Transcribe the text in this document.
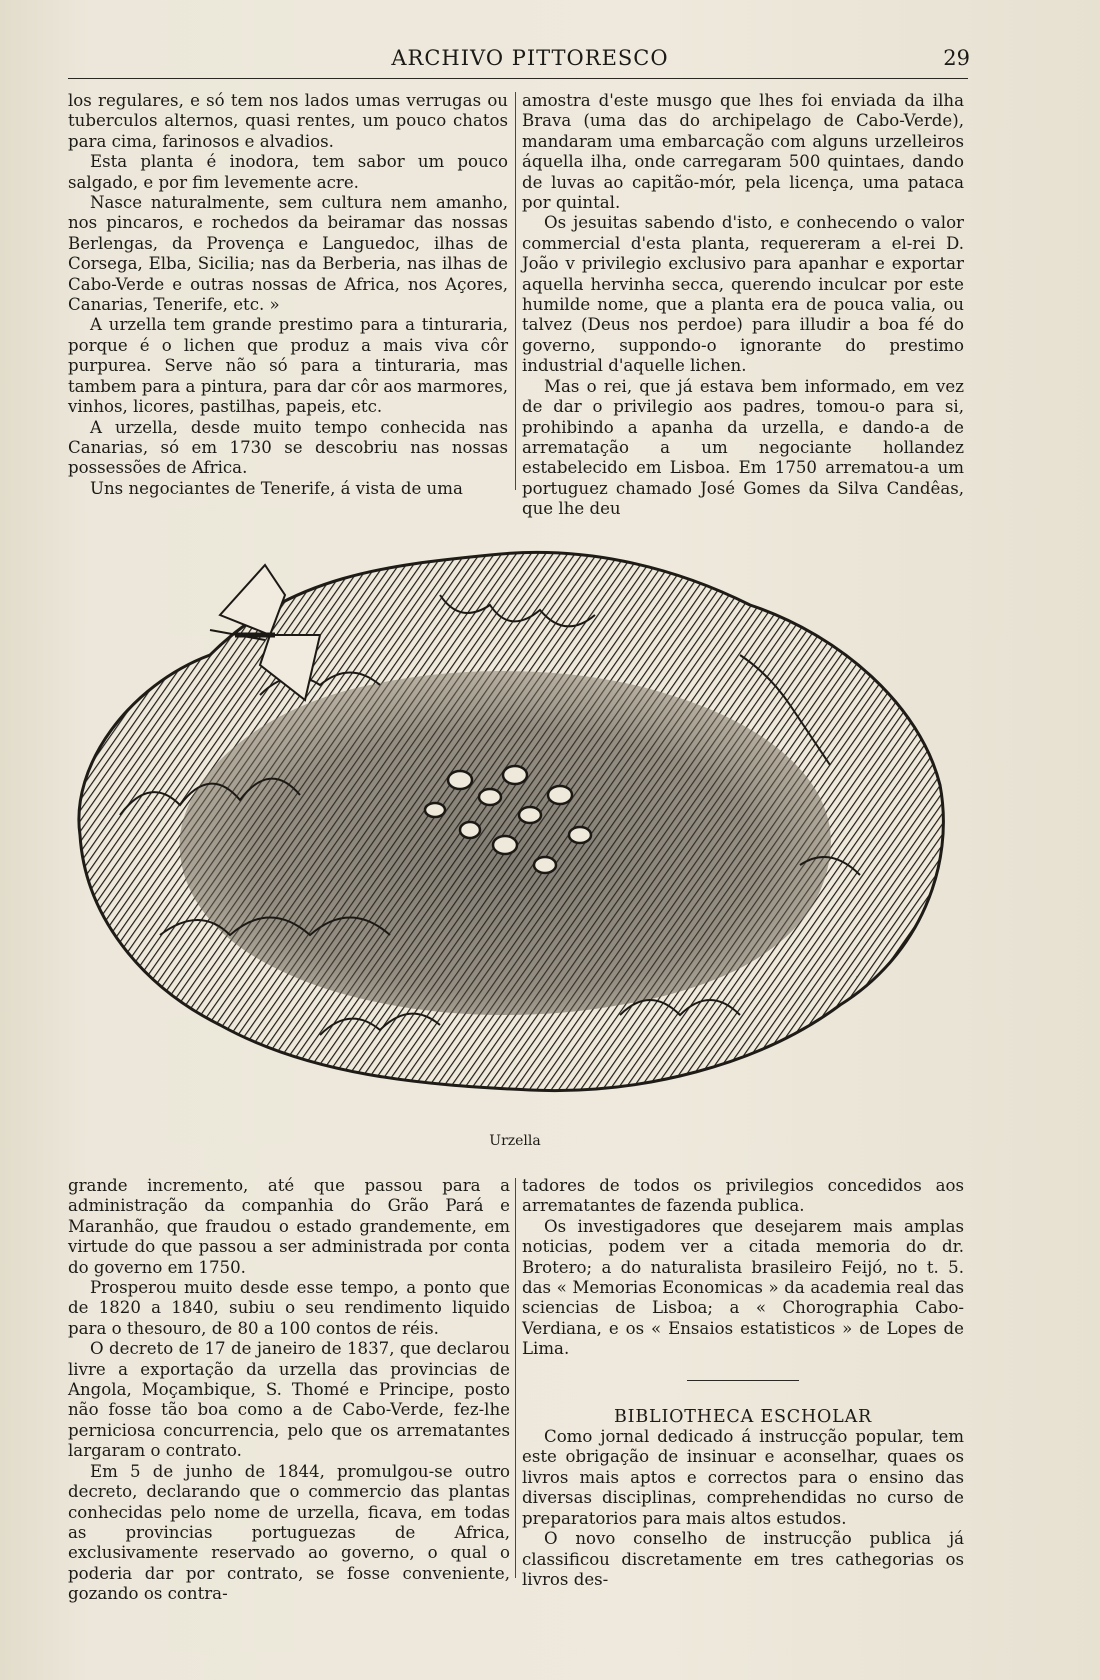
ARCHIVO PITTORESCO	29

los regulares, e só tem nos lados umas verrugas ou tuberculos alternos, quasi rentes, um pouco chatos para cima, farinosos e alvadios.

Esta planta é inodora, tem sabor um pouco salgado, e por fim levemente acre.

Nasce naturalmente, sem cultura nem amanho, nos pincaros, e rochedos da beiramar das nossas Berlengas, da Provença e Languedoc, ilhas de Corsega, Elba, Sicilia; nas da Berberia, nas ilhas de Cabo-Verde e outras nossas de Africa, nos Açores, Canarias, Tenerife, etc. »

A urzella tem grande prestimo para a tinturaria, porque é o lichen que produz a mais viva côr purpurea. Serve não só para a tinturaria, mas tambem para a pintura, para dar côr aos marmores, vinhos, licores, pastilhas, papeis, etc.

A urzella, desde muito tempo conhecida nas Canarias, só em 1730 se descobriu nas nossas possessões de Africa.

Uns negociantes de Tenerife, á vista de uma

amostra d'este musgo que lhes foi enviada da ilha Brava (uma das do archipelago de Cabo-Verde), mandaram uma embarcação com alguns urzelleiros áquella ilha, onde carregaram 500 quintaes, dando de luvas ao capitão-mór, pela licença, uma pataca por quintal.

Os jesuitas sabendo d'isto, e conhecendo o valor commercial d'esta planta, requereram a el-rei D. João v privilegio exclusivo para apanhar e exportar aquella hervinha secca, querendo inculcar por este humilde nome, que a planta era de pouca valia, ou talvez (Deus nos perdoe) para illudir a boa fé do governo, suppondo-o ignorante do prestimo industrial d'aquelle lichen.

Mas o rei, que já estava bem informado, em vez de dar o privilegio aos padres, tomou-o para si, prohibindo a apanha da urzella, e dando-a de arrematação a um negociante hollandez estabelecido em Lisboa. Em 1750 arrematou-a um portuguez chamado José Gomes da Silva Candêas, que lhe deu

Urzella

grande incremento, até que passou para a administração da companhia do Grão Pará e Maranhão, que fraudou o estado grandemente, em virtude do que passou a ser administrada por conta do governo em 1750.

Prosperou muito desde esse tempo, a ponto que de 1820 a 1840, subiu o seu rendimento liquido para o thesouro, de 80 a 100 contos de réis.

O decreto de 17 de janeiro de 1837, que declarou livre a exportação da urzella das provincias de Angola, Moçambique, S. Thomé e Principe, posto não fosse tão boa como a de Cabo-Verde, fez-lhe perniciosa concurrencia, pelo que os arrematantes largaram o contrato.

Em 5 de junho de 1844, promulgou-se outro decreto, declarando que o commercio das plantas conhecidas pelo nome de urzella, ficava, em todas as provincias portuguezas de Africa, exclusivamente reservado ao governo, o qual o poderia dar por contrato, se fosse conveniente, gozando os contra-

tadores de todos os privilegios concedidos aos arrematantes de fazenda publica.

Os investigadores que desejarem mais amplas noticias, podem ver a citada memoria do dr. Brotero; a do naturalista brasileiro Feijó, no t. 5. das « Memorias Economicas » da academia real das sciencias de Lisboa; a « Chorographia Cabo-Verdiana, e os « Ensaios estatisticos » de Lopes de Lima.

BIBLIOTHECA ESCHOLAR

Como jornal dedicado á instrucção popular, tem este obrigação de insinuar e aconselhar, quaes os livros mais aptos e correctos para o ensino das diversas disciplinas, comprehendidas no curso de preparatorios para mais altos estudos.

O novo conselho de instrucção publica já classificou discretamente em tres cathegorias os livros des-
